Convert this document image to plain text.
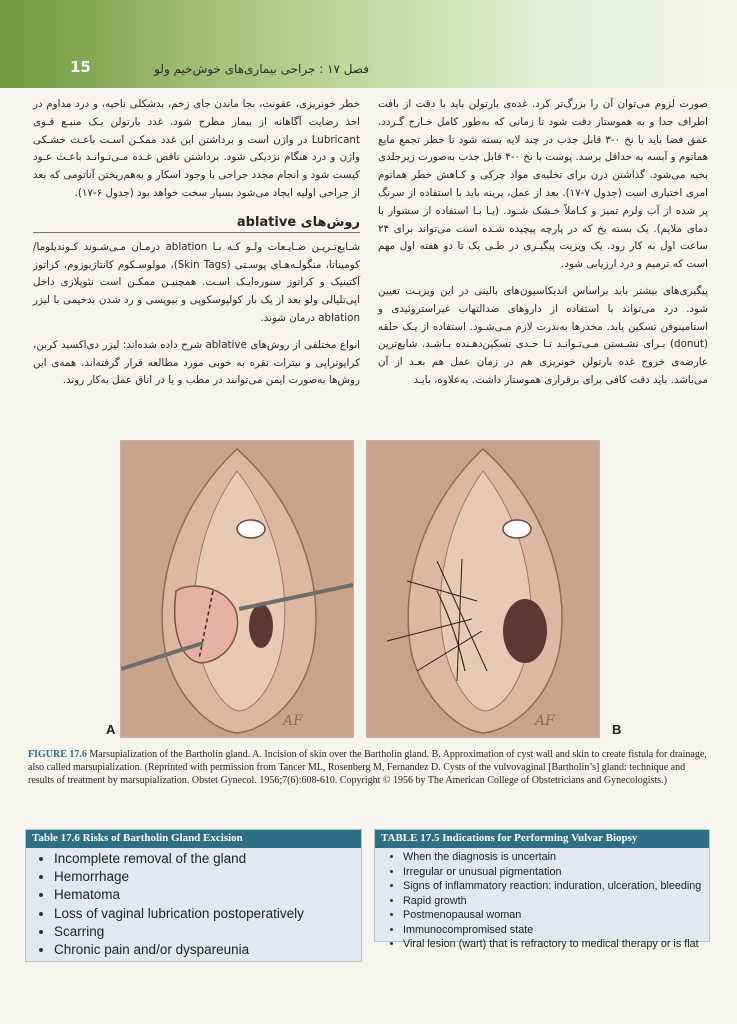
15	فصل ۱۷ : جراحی بیماری‌های خوش‌خیم ولو

صورت لزوم می‌توان آن را بزرگ‌تر کرد. غده‌ی بارتولن باید با دقت از بافت اطراف جدا و به هموستاز دقت شود تا زمانی که به‌طور کامل خـارج گـردد. عمق فضا باید با نخ ۰-۳ قابل جذب در چند لایه بسته شود تا خطر تجمع مایع هماتوم و آبسه به حداقل برسد. پوست با نخ ۰-۴ قابل جذب به‌صورت زیرجلدی بخیه می‌شود. گذاشتن درن برای تخلیه‌ی مواد چرکی و کـاهش خطر هماتوم امری اختیاری است (جدول ۷-۱۷). بعد از عمل، پرینه باید با استفاده از سرنگ پر شده از آب ولرم تمیز و کـاملاً خـشک شـود. (یـا بـا استفاده از سشوار با دمای ملایم). یک بسته یخ که در پارچه پیچیده شـده است می‌تواند برای ۲۴ ساعت اول به کار رود. یک ویزیت پیگیـری در طـی یک تا دو هفته اول مهم است که ترمیم و درد ارزیابی شود.

پیگیری‌های بیشتر باید براساس اندیکاسیون‌های بالینی در این ویزیـت تعیین شود. درد می‌تواند با استفاده از داروهای ضدالتهاب غیراستروئیدی و استامینوفن تسکین یابد. مخدرها به‌ندرت لازم مـی‌شـود. استفاده از یـک حلقه (donut) بـرای نشـستن مـی‌تـوانـد تـا حـدی تسکین‌دهـنده بـاشـد. شایع‌ترین عارضه‌ی خروج غده بارتولن خونریزی هم در زمان عمل هم بعـد از آن می‌باشد. باید دقت کافی برای برقراری هموستاز داشت. به‌علاوه، بایـد

خطر خونریزی، عفونت، بجا ماندن جای زخم، بدشکلی ناحیه، و درد مداوم در اخذ رضایت آگاهانه از بیمار مطرح شود. غدد بارتولن یـک منبـع قـوی Lubricant در واژن است و برداشتن این غدد ممکـن اسـت باعـث خشـکی واژن و درد هنگام نزدیکی شود. برداشتن ناقص غـده مـی‌تـوانـد باعـث عـود کیست شود و انجام مجدد جراحی با وجود اسکار و به‌هم‌ریختن آناتومی که بعد از جراحی اولیه ایجاد می‌شود بسیار سخت خواهد بود (جدول ۶-۱۷).

روش‌های ablative

شـایع‌تـریـن ضـایـعات ولـو کـه بـا ablation درمـان مـی‌شـوند کـوندیلوما/کومیناتا، منگولـه‌هـای پوسـتی (Skin Tags)، مولوسـکوم کانتاژیوزوم، کراتوز آکتینیک و کراتوز سبوره‌ایـک اسـت. همچنیـن ممکـن است نئوپلازی داخل اپی‌تلیالی ولو بعد از یک بار کولپوسکوپی و بیوپسی و رد شدن بدخیمی با لیزر ablation درمان شوند.

انواع مختلفی از روش‌های ablative شرح داده شده‌اند: لیزر دی‌اکسید کربن، کرایوتراپی و نیترات نقره به خوبی مورد مطالعه قرار گرفته‌اند. همه‌ی این روش‌ها به‌صورت ایمن می‌توانند در مطب و یا در اتاق عمل به‌کار روند.

AF
A
AF
B
FIGURE 17.6 Marsupialization of the Bartholin gland. A. Incision of skin over the Bartholin gland. B. Approximation of cyst wall and skin to create fistula for drainage, also called marsupialization. (Reprinted with permission from Tancer ML, Rosenberg M, Fernandez D. Cysts of the vulvovaginal [Bartholin’s] gland: technique and results of treatment by marsupialization. Obstet Gynecol. 1956;7(6):608-610. Copyright © 1956 by The American College of Obstetricians and Gynecologists.)
Table 17.6 Risks of Bartholin Gland Excision
• Incomplete removal of the gland
• Hemorrhage
• Hematoma
• Loss of vaginal lubrication postoperatively
• Scarring
• Chronic pain and/or dyspareunia
TABLE 17.5 Indications for Performing Vulvar Biopsy
• When the diagnosis is uncertain
• Irregular or unusual pigmentation
• Signs of inflammatory reaction: induration, ulceration, bleeding
• Rapid growth
• Postmenopausal woman
• Immunocompromised state
• Viral lesion (wart) that is refractory to medical therapy or is flat
